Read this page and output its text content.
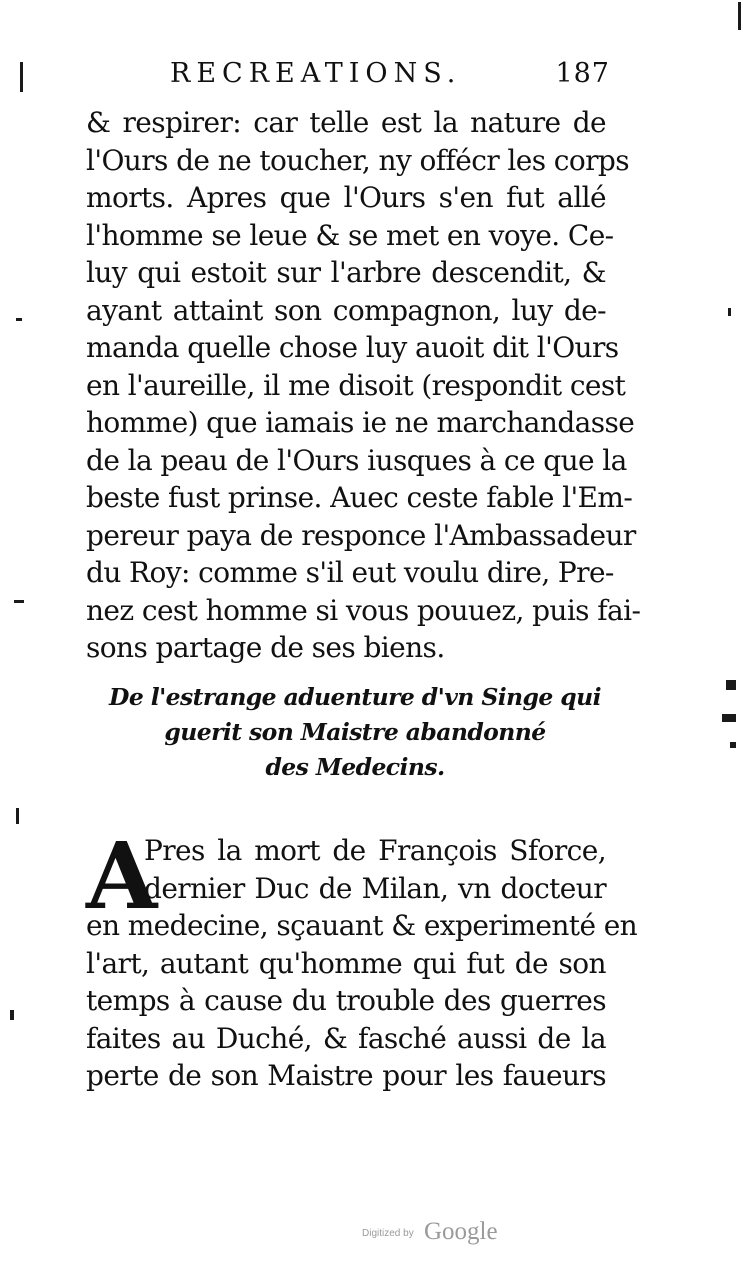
RECREATIONS.	187
& respirer: car telle est la nature de
l'Ours de ne toucher, ny offécr les corps
morts. Apres que l'Ours s'en fut allé
l'homme se leue & se met en voye. Ce-
luy qui estoit sur l'arbre descendit, &
ayant attaint son compagnon, luy de-
manda quelle chose luy auoit dit l'Ours
en l'aureille, il me disoit (respondit cest
homme) que iamais ie ne marchandasse
de la peau de l'Ours iusques à ce que la
beste fust prinse. Auec ceste fable l'Em-
pereur paya de responce l'Ambassadeur
du Roy: comme s'il eut voulu dire, Pre-
nez cest homme si vous pouuez, puis fai-
sons partage de ses biens.
De l'estrange aduenture d'vn Singe qui
guerit son Maistre abandonné
des Medecins.
A
Pres la mort de François Sforce,
dernier Duc de Milan, vn docteur
en medecine, sçauant & experimenté en
l'art, autant qu'homme qui fut de son
temps à cause du trouble des guerres
faites au Duché, & fasché aussi de la
perte de son Maistre pour les faueurs
Digitized by Google
